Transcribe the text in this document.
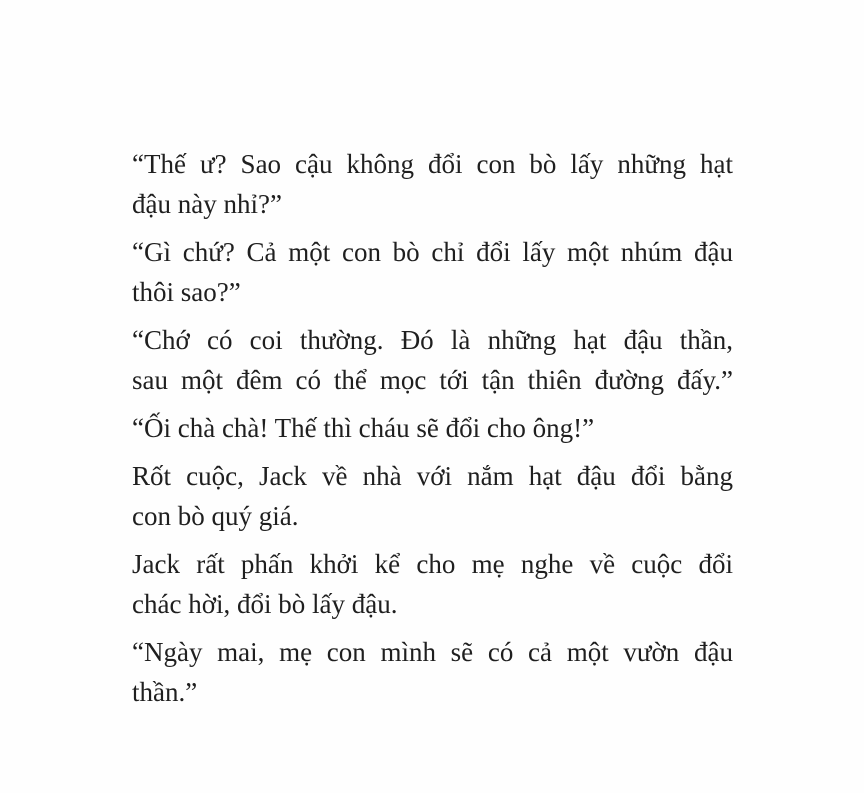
“Thế ư? Sao cậu không đổi con bò lấy những hạt
đậu này nhỉ?”

“Gì chứ? Cả một con bò chỉ đổi lấy một nhúm đậu
thôi sao?”

“Chớ có coi thường. Đó là những hạt đậu thần,
sau một đêm có thể mọc tới tận thiên đường đấy.”

“Ối chà chà! Thế thì cháu sẽ đổi cho ông!”

Rốt cuộc, Jack về nhà với nắm hạt đậu đổi bằng
con bò quý giá.

Jack rất phấn khởi kể cho mẹ nghe về cuộc đổi
chác hời, đổi bò lấy đậu.

“Ngày mai, mẹ con mình sẽ có cả một vườn đậu
thần.”
